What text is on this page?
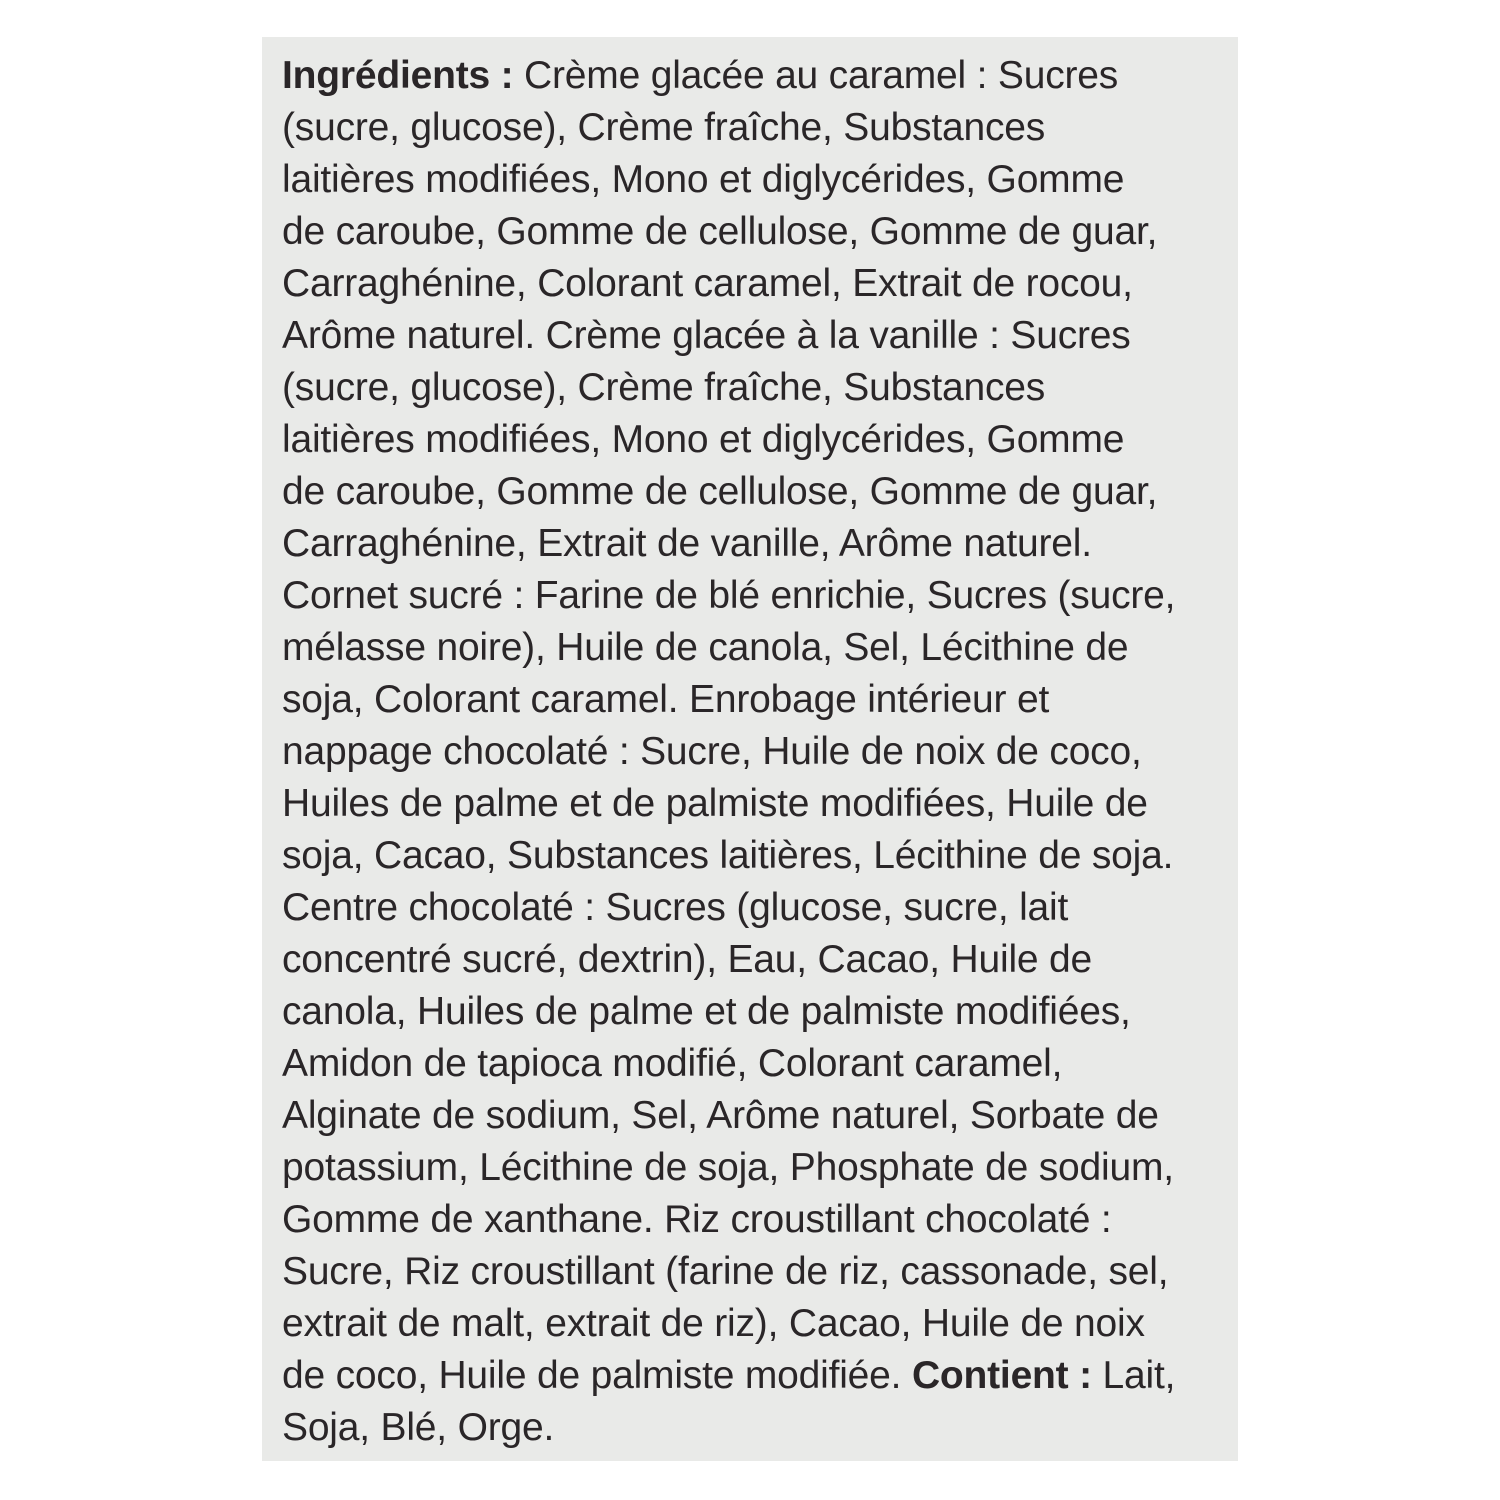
Ingrédients : Crème glacée au caramel : Sucres
(sucre, glucose), Crème fraîche, Substances
laitières modifiées, Mono et diglycérides, Gomme
de caroube, Gomme de cellulose, Gomme de guar,
Carraghénine, Colorant caramel, Extrait de rocou,
Arôme naturel. Crème glacée à la vanille : Sucres
(sucre, glucose), Crème fraîche, Substances
laitières modifiées, Mono et diglycérides, Gomme
de caroube, Gomme de cellulose, Gomme de guar,
Carraghénine, Extrait de vanille, Arôme naturel.
Cornet sucré : Farine de blé enrichie, Sucres (sucre,
mélasse noire), Huile de canola, Sel, Lécithine de
soja, Colorant caramel. Enrobage intérieur et
nappage chocolaté : Sucre, Huile de noix de coco,
Huiles de palme et de palmiste modifiées, Huile de
soja, Cacao, Substances laitières, Lécithine de soja.
Centre chocolaté : Sucres (glucose, sucre, lait
concentré sucré, dextrin), Eau, Cacao, Huile de
canola, Huiles de palme et de palmiste modifiées,
Amidon de tapioca modifié, Colorant caramel,
Alginate de sodium, Sel, Arôme naturel, Sorbate de
potassium, Lécithine de soja, Phosphate de sodium,
Gomme de xanthane. Riz croustillant chocolaté :
Sucre, Riz croustillant (farine de riz, cassonade, sel,
extrait de malt, extrait de riz), Cacao, Huile de noix
de coco, Huile de palmiste modifiée. Contient : Lait,
Soja, Blé, Orge.
